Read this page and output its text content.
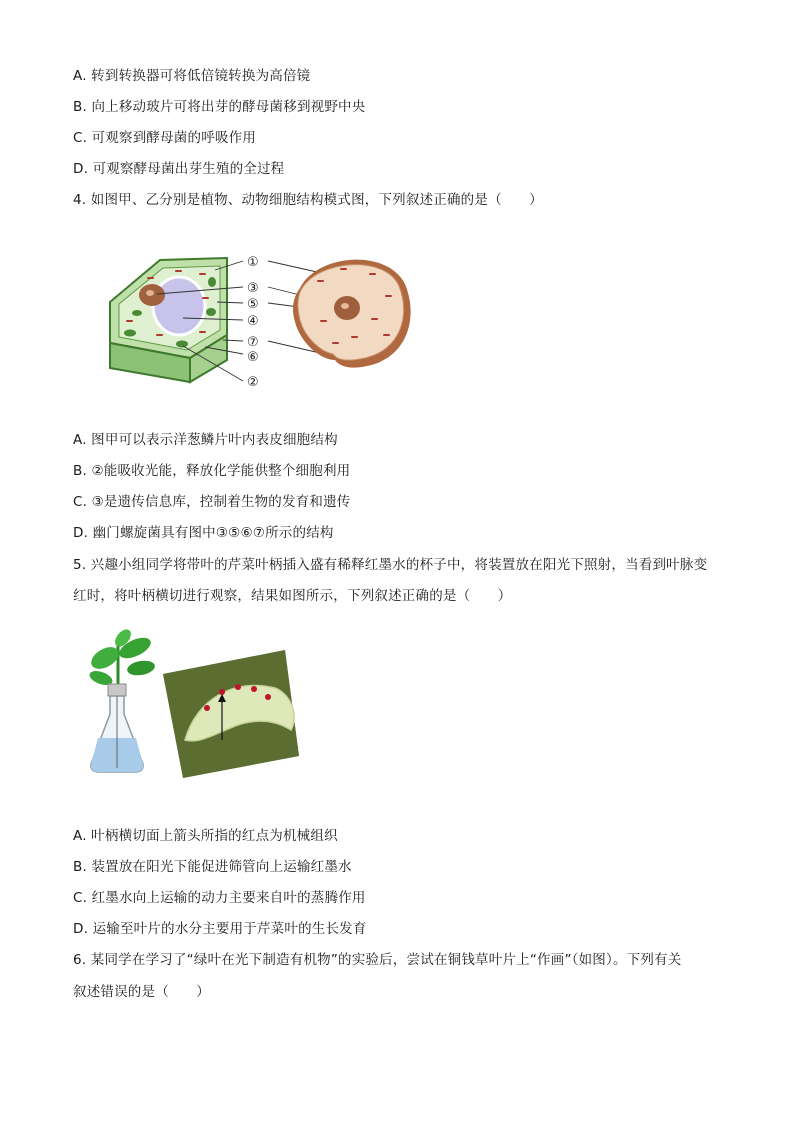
A. 转到转换器可将低倍镜转换为高倍镜
B. 向上移动玻片可将出芽的酵母菌移到视野中央
C. 可观察到酵母菌的呼吸作用
D. 可观察酵母菌出芽生殖的全过程
4. 如图甲、乙分别是植物、动物细胞结构模式图，下列叙述正确的是（　　）
①
③
⑤
④
⑦
⑥
②
A. 图甲可以表示洋葱鳞片叶内表皮细胞结构
B. ②能吸收光能，释放化学能供整个细胞利用
C. ③是遗传信息库，控制着生物的发育和遗传
D. 幽门螺旋菌具有图中③⑤⑥⑦所示的结构
5. 兴趣小组同学将带叶的芹菜叶柄插入盛有稀释红墨水的杯子中，将装置放在阳光下照射，当看到叶脉变
红时，将叶柄横切进行观察，结果如图所示，下列叙述正确的是（　　）
A. 叶柄横切面上箭头所指的红点为机械组织
B. 装置放在阳光下能促进筛管向上运输红墨水
C. 红墨水向上运输的动力主要来自叶的蒸腾作用
D. 运输至叶片的水分主要用于芹菜叶的生长发育
6. 某同学在学习了“绿叶在光下制造有机物”的实验后，尝试在铜钱草叶片上“作画”（如图）。下列有关
叙述错误的是（　　）
